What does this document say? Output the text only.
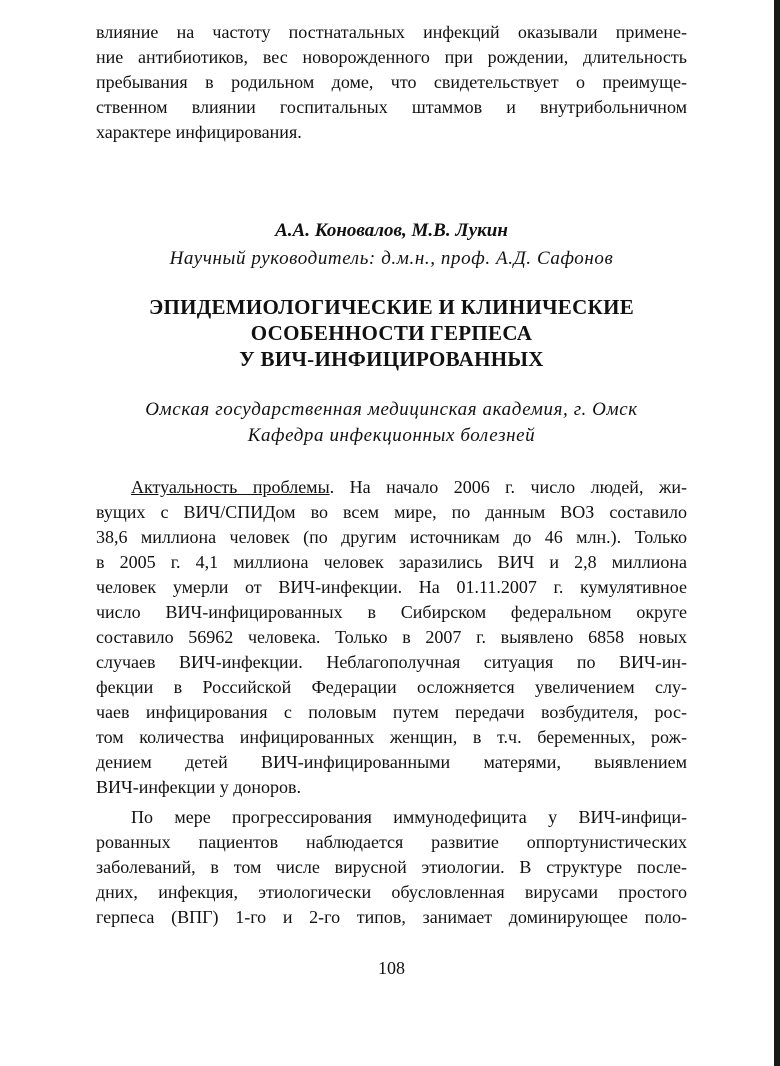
влияние на частоту постнатальных инфекций оказывали примене-
ние антибиотиков, вес новорожденного при рождении, длительность
пребывания в родильном доме, что свидетельствует о преимуще-
ственном влиянии госпитальных штаммов и внутрибольничном
характере инфицирования.
А.А. Коновалов, М.В. Лукин
Научный руководитель: д.м.н., проф. А.Д. Сафонов
ЭПИДЕМИОЛОГИЧЕСКИЕ И КЛИНИЧЕСКИЕ
ОСОБЕННОСТИ ГЕРПЕСА
У ВИЧ-ИНФИЦИРОВАННЫХ
Омская государственная медицинская академия, г. Омск
Кафедра инфекционных болезней
Актуальность проблемы. На начало 2006 г. число людей, жи-
вущих с ВИЧ/СПИДом во всем мире, по данным ВОЗ составило
38,6 миллиона человек (по другим источникам до 46 млн.). Только
в 2005 г. 4,1 миллиона человек заразились ВИЧ и 2,8 миллиона
человек умерли от ВИЧ-инфекции. На 01.11.2007 г. кумулятивное
число ВИЧ-инфицированных в Сибирском федеральном округе
составило 56962 человека. Только в 2007 г. выявлено 6858 новых
случаев ВИЧ-инфекции. Неблагополучная ситуация по ВИЧ-ин-
фекции в Российской Федерации осложняется увеличением слу-
чаев инфицирования с половым путем передачи возбудителя, рос-
том количества инфицированных женщин, в т.ч. беременных, рож-
дением детей ВИЧ-инфицированными матерями, выявлением
ВИЧ-инфекции у доноров.
По мере прогрессирования иммунодефицита у ВИЧ-инфици-
рованных пациентов наблюдается развитие оппортунистических
заболеваний, в том числе вирусной этиологии. В структуре после-
дних, инфекция, этиологически обусловленная вирусами простого
герпеса (ВПГ) 1-го и 2-го типов, занимает доминирующее поло-
108
